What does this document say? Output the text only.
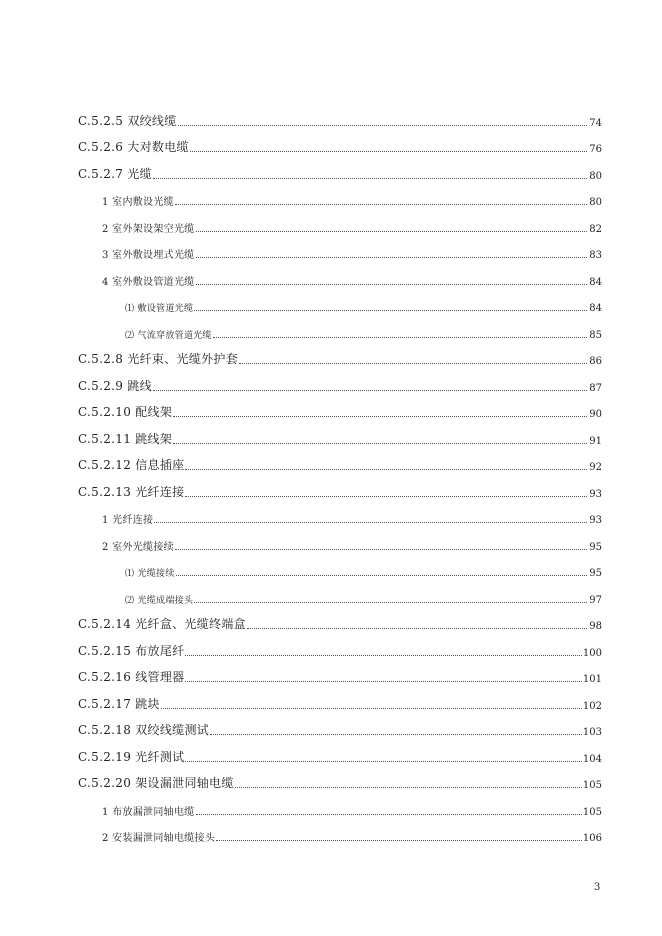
C.5.2.5 双绞线缆	74
C.5.2.6 大对数电缆	76
C.5.2.7 光缆	80
1 室内敷设光缆	80
2 室外架设架空光缆	82
3 室外敷设埋式光缆	83
4 室外敷设管道光缆	84
⑴ 敷设管道光缆	84
⑵ 气流穿放管道光缆	85
C.5.2.8 光纤束、光缆外护套	86
C.5.2.9 跳线	87
C.5.2.10 配线架	90
C.5.2.11 跳线架	91
C.5.2.12 信息插座	92
C.5.2.13 光纤连接	93
1 光纤连接	93
2 室外光缆接续	95
⑴ 光缆接续	95
⑵ 光缆成端接头	97
C.5.2.14 光纤盒、光缆终端盒	98
C.5.2.15 布放尾纤	100
C.5.2.16 线管理器	101
C.5.2.17 跳块	102
C.5.2.18 双绞线缆测试	103
C.5.2.19 光纤测试	104
C.5.2.20 架设漏泄同轴电缆	105
1 布放漏泄同轴电缆	105
2 安装漏泄同轴电缆接头	106
3
